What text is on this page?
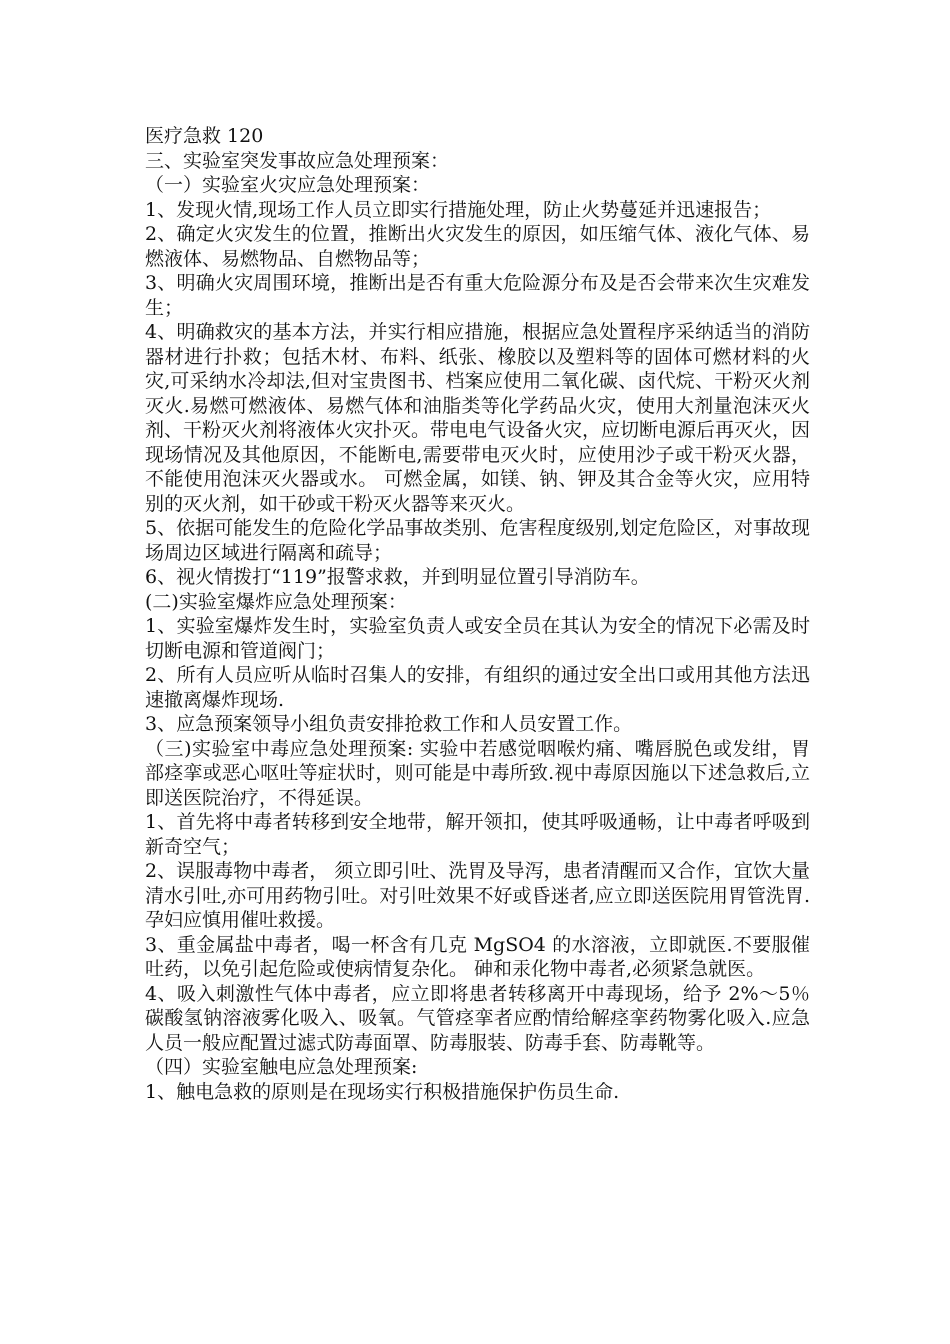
医疗急救 120

三、实验室突发事故应急处理预案：

（一）实验室火灾应急处理预案：

1、发现火情,现场工作人员立即实行措施处理，防止火势蔓延并迅速报告；

2、确定火灾发生的位置，推断出火灾发生的原因，如压缩气体、液化气体、易燃液体、易燃物品、自燃物品等；

3、明确火灾周围环境，推断出是否有重大危险源分布及是否会带来次生灾难发生；

4、明确救灾的基本方法，并实行相应措施，根据应急处置程序采纳适当的消防器材进行扑救；包括木材、布料、纸张、橡胶以及塑料等的固体可燃材料的火灾,可采纳水冷却法,但对宝贵图书、档案应使用二氧化碳、卤代烷、干粉灭火剂灭火.易燃可燃液体、易燃气体和油脂类等化学药品火灾，使用大剂量泡沫灭火剂、干粉灭火剂将液体火灾扑灭。带电电气设备火灾，应切断电源后再灭火，因现场情况及其他原因，不能断电,需要带电灭火时，应使用沙子或干粉灭火器，不能使用泡沫灭火器或水。 可燃金属，如镁、钠、钾及其合金等火灾，应用特别的灭火剂，如干砂或干粉灭火器等来灭火。

5、依据可能发生的危险化学品事故类别、危害程度级别,划定危险区，对事故现场周边区域进行隔离和疏导；

6、视火情拨打“119”报警求救，并到明显位置引导消防车。

(二)实验室爆炸应急处理预案：

1、实验室爆炸发生时，实验室负责人或安全员在其认为安全的情况下必需及时切断电源和管道阀门；

2、所有人员应听从临时召集人的安排，有组织的通过安全出口或用其他方法迅速撤离爆炸现场.

3、应急预案领导小组负责安排抢救工作和人员安置工作。

（三)实验室中毒应急处理预案: 实验中若感觉咽喉灼痛、嘴唇脱色或发绀，胃部痉挛或恶心呕吐等症状时，则可能是中毒所致.视中毒原因施以下述急救后,立即送医院治疗，不得延误。

1、首先将中毒者转移到安全地带，解开领扣，使其呼吸通畅，让中毒者呼吸到新奇空气；

2、误服毒物中毒者， 须立即引吐、洗胃及导泻，患者清醒而又合作，宜饮大量清水引吐,亦可用药物引吐。对引吐效果不好或昏迷者,应立即送医院用胃管洗胃.孕妇应慎用催吐救援。

3、重金属盐中毒者，喝一杯含有几克 MgSO4 的水溶液，立即就医.不要服催吐药，以免引起危险或使病情复杂化。 砷和汞化物中毒者,必须紧急就医。

4、吸入刺激性气体中毒者，应立即将患者转移离开中毒现场，给予 2%～5％碳酸氢钠溶液雾化吸入、吸氧。气管痉挛者应酌情给解痉挛药物雾化吸入.应急人员一般应配置过滤式防毒面罩、防毒服装、防毒手套、防毒靴等。

（四）实验室触电应急处理预案:

1、触电急救的原则是在现场实行积极措施保护伤员生命.
